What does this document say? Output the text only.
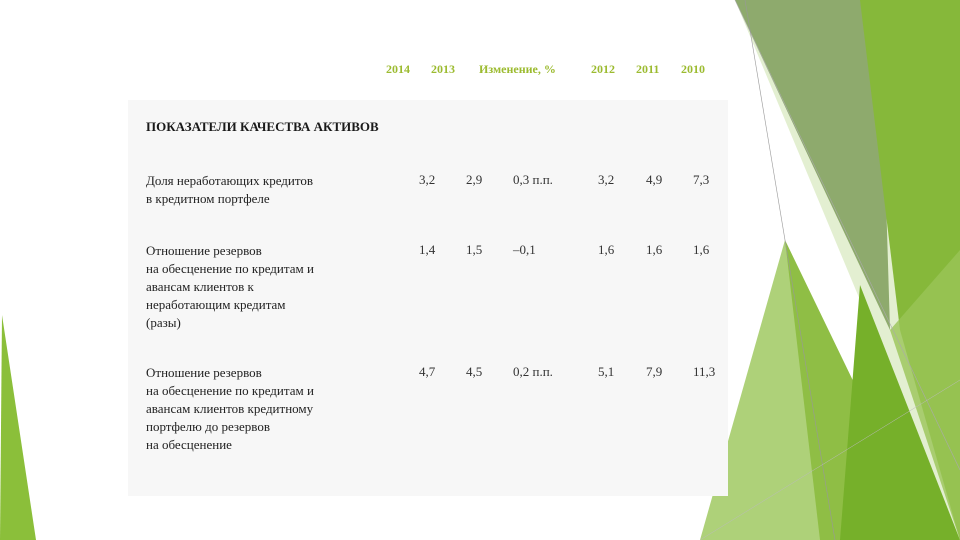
2014 2013 Изменение, %	2012 2011 2010
ПОКАЗАТЕЛИ КАЧЕСТВА АКТИВОВ
Доля неработающих кредитов
в кредитном портфеле
3,2 2,9 0,3 п.п.	3,2 4,9 7,3
Отношение резервов
на обесценение по кредитам и
авансам клиентов к
неработающим кредитам
(разы)
1,4 1,5 –0,1	1,6 1,6 1,6
Отношение резервов
на обесценение по кредитам и
авансам клиентов кредитному
портфелю до резервов
на обесценение
4,7 4,5 0,2 п.п.	5,1 7,9 11,3
